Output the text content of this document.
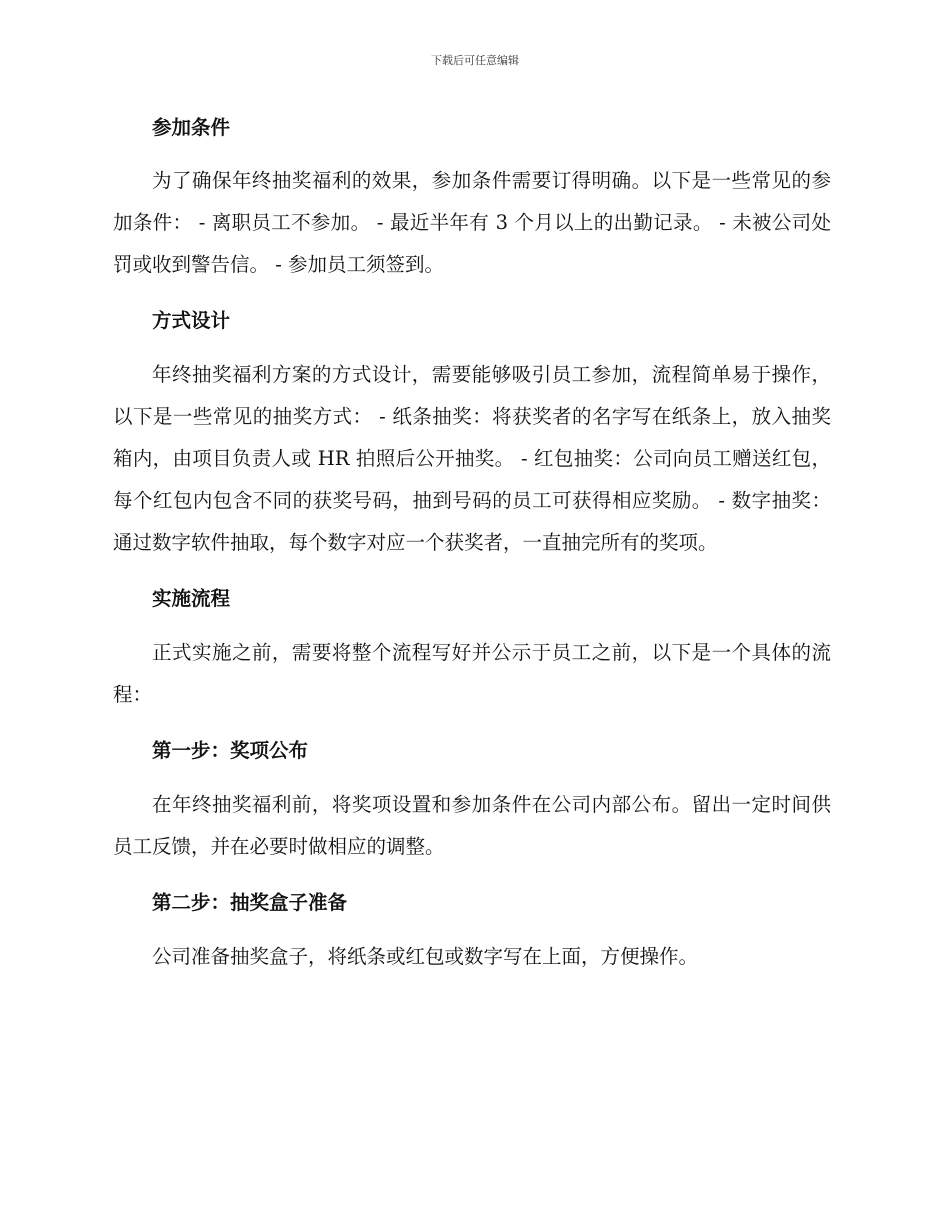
下载后可任意编辑
参加条件

为了确保年终抽奖福利的效果，参加条件需要订得明确。以下是一些常见的参加条件： - 离职员工不参加。 - 最近半年有 3 个月以上的出勤记录。 - 未被公司处罚或收到警告信。 - 参加员工须签到。

方式设计

年终抽奖福利方案的方式设计，需要能够吸引员工参加，流程简单易于操作，以下是一些常见的抽奖方式： - 纸条抽奖：将获奖者的名字写在纸条上，放入抽奖箱内，由项目负责人或 HR 拍照后公开抽奖。 - 红包抽奖：公司向员工赠送红包，每个红包内包含不同的获奖号码，抽到号码的员工可获得相应奖励。 - 数字抽奖：通过数字软件抽取，每个数字对应一个获奖者，一直抽完所有的奖项。

实施流程

正式实施之前，需要将整个流程写好并公示于员工之前，以下是一个具体的流程：

第一步：奖项公布

在年终抽奖福利前，将奖项设置和参加条件在公司内部公布。留出一定时间供员工反馈，并在必要时做相应的调整。

第二步：抽奖盒子准备

公司准备抽奖盒子，将纸条或红包或数字写在上面，方便操作。
